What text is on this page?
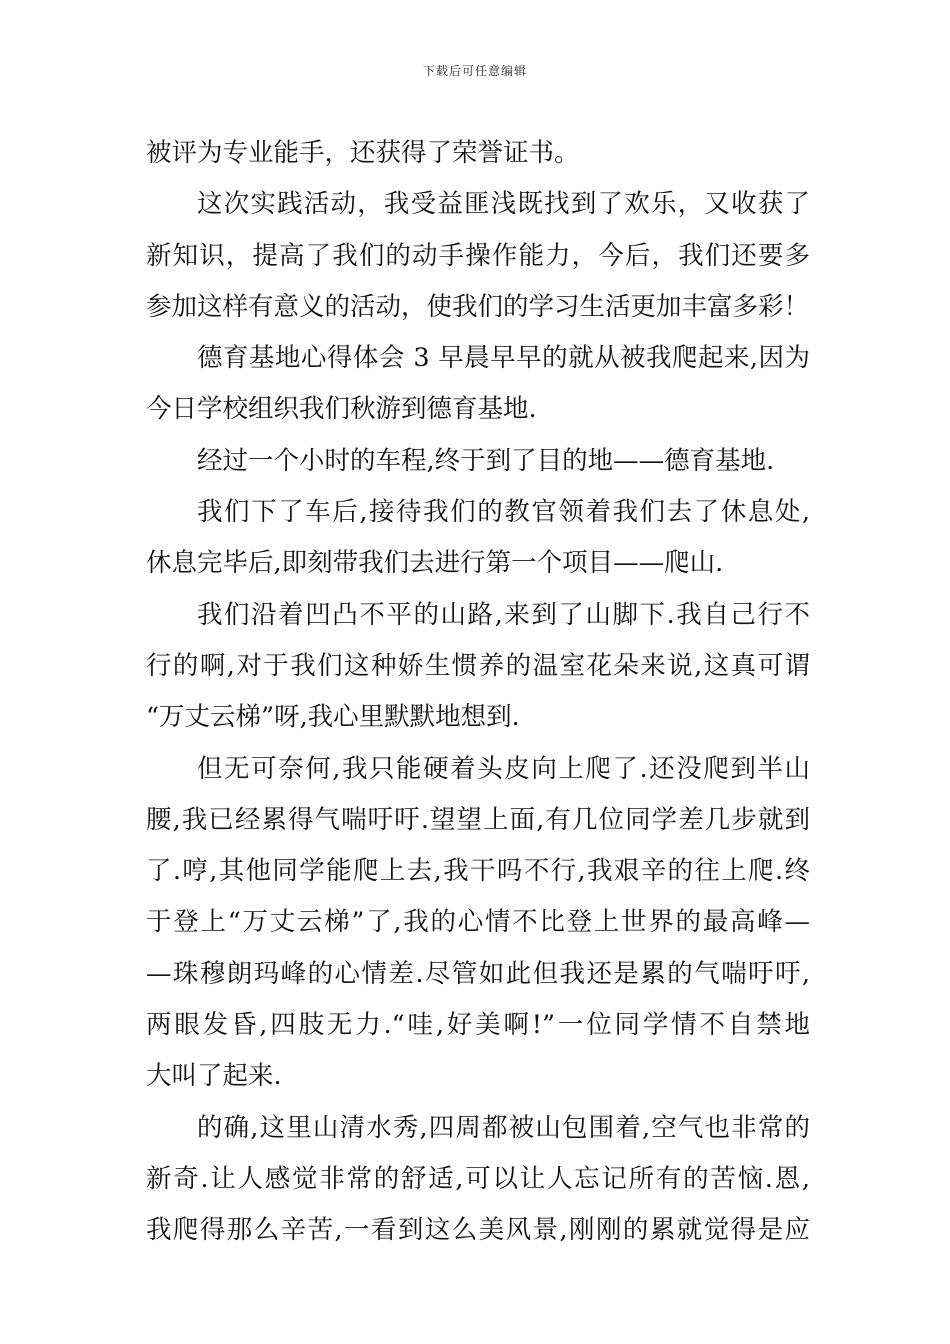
下载后可任意编辑
被评为专业能手，还获得了荣誉证书。
这次实践活动，我受益匪浅既找到了欢乐，又收获了
新知识，提高了我们的动手操作能力，今后，我们还要多
参加这样有意义的活动，使我们的学习生活更加丰富多彩！
德育基地心得体会 3 早晨早早的就从被我爬起来,因为
今日学校组织我们秋游到德育基地.
经过一个小时的车程,终于到了目的地——德育基地.
我们下了车后,接待我们的教官领着我们去了休息处,
休息完毕后,即刻带我们去进行第一个项目——爬山.
我们沿着凹凸不平的山路,来到了山脚下.我自己行不
行的啊,对于我们这种娇生惯养的温室花朵来说,这真可谓
“万丈云梯”呀,我心里默默地想到.
但无可奈何,我只能硬着头皮向上爬了.还没爬到半山
腰,我已经累得气喘吁吁.望望上面,有几位同学差几步就到
了.哼,其他同学能爬上去,我干吗不行,我艰辛的往上爬.终
于登上“万丈云梯”了,我的心情不比登上世界的最高峰—
—珠穆朗玛峰的心情差.尽管如此但我还是累的气喘吁吁,
两眼发昏,四肢无力.“哇,好美啊!”一位同学情不自禁地
大叫了起来.
的确,这里山清水秀,四周都被山包围着,空气也非常的
新奇.让人感觉非常的舒适,可以让人忘记所有的苦恼.恩,
我爬得那么辛苦,一看到这么美风景,刚刚的累就觉得是应
